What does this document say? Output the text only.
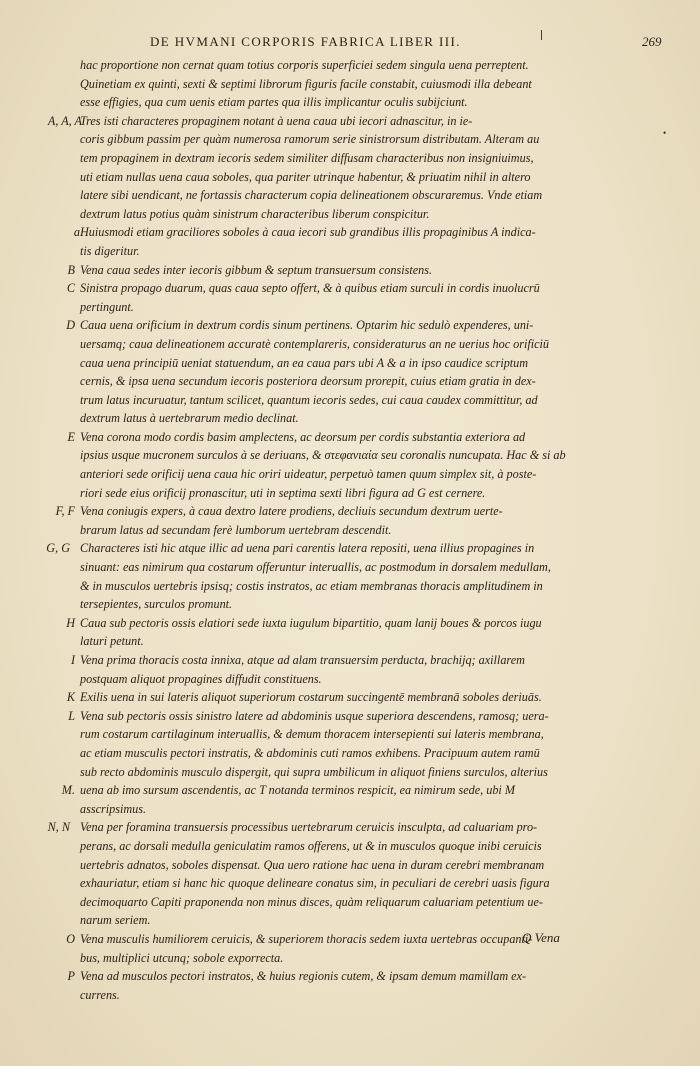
•
DE HVMANI CORPORIS FABRICA LIBER III.	269
hac proportione non cernat quam totius corporis superficiei sedem singula uena perreptent.
Quinetiam ex quinti, sexti & septimi librorum figuris facile constabit, cuiusmodi illa debeant
esse effigies, qua cum uenis etiam partes qua illis implicantur oculis subijciunt.
A, A, A
Tres isti characteres propaginem notant à uena caua ubi iecori adnascitur, in ie-
coris gibbum passim per quàm numerosa ramorum serie sinistrorsum distributam. Alteram au
tem propaginem in dextram iecoris sedem similiter diffusam characteribus non insigniuimus,
uti etiam nullas uena caua soboles, qua pariter utrinque habentur, & priuatim nihil in altero
latere sibi uendicant, ne fortassis characterum copia delineationem obscuraremus. Vnde etiam
dextrum latus potius quàm sinistrum characteribus liberum conspicitur.
a Huiusmodi etiam graciliores soboles à caua iecori sub grandibus illis propaginibus A indica-
tis digeritur.
B Vena caua sedes inter iecoris gibbum & septum transuersum consistens.
C Sinistra propago duarum, quas caua septo offert, & à quibus etiam surculi in cordis inuolucrū
pertingunt.
D Caua uena orificium in dextrum cordis sinum pertinens. Optarim hic sedulò expenderes, uni-
uersamq; caua delineationem accuratè contemplareris, consideraturus an ne uerius hoc orificiū
caua uena principiū ueniat statuendum, an ea caua pars ubi A & a in ipso caudice scriptum
cernis, & ipsa uena secundum iecoris posteriora deorsum prorepit, cuius etiam gratia in dex-
trum latus incuruatur, tantum scilicet, quantum iecoris sedes, cui caua caudex committitur, ad
dextrum latus à uertebrarum medio declinat.
E Vena corona modo cordis basim amplectens, ac deorsum per cordis substantia exteriora ad
ipsius usque mucronem surculos à se deriuans, & στεφανιαία seu coronalis nuncupata. Hac & si ab
anteriori sede orificij uena caua hic oriri uideatur, perpetuò tamen quum simplex sit, à poste-
riori sede eius orificij pronascitur, uti in septima sexti libri figura ad G est cernere.
F, F Vena coniugis expers, à caua dextro latere prodiens, decliuis secundum dextrum uerte-
brarum latus ad secundam ferè lumborum uertebram descendit.
G, G Characteres isti hic atque illic ad uena pari carentis latera repositi, uena illius propagines in
sinuant: eas nimirum qua costarum offeruntur interuallis, ac postmodum in dorsalem medullam,
& in musculos uertebris ipsisq; costis instratos, ac etiam membranas thoracis amplitudinem in
tersepientes, surculos promunt.
H Caua sub pectoris ossis elatiori sede iuxta iugulum bipartitio, quam lanij boues & porcos iugu
laturi petunt.
I Vena prima thoracis costa innixa, atque ad alam transuersim perducta, brachijq; axillarem
postquam aliquot propagines diffudit constituens.
K Exilis uena in sui lateris aliquot superiorum costarum succingentē membranā soboles deriuās.
L Vena sub pectoris ossis sinistro latere ad abdominis usque superiora descendens, ramosq; uera-
rum costarum cartilaginum interuallis, & demum thoracem intersepienti sui lateris membrana,
ac etiam musculis pectori instratis, & abdominis cuti ramos exhibens. Pracipuum autem ramū
sub recto abdominis musculo dispergit, qui supra umbilicum in aliquot finiens surculos, alterius
M. uena ab imo sursum ascendentis, ac T notanda terminos respicit, ea nimirum sede, ubi M
asscripsimus.
N, N Vena per foramina transuersis processibus uertebrarum ceruicis insculpta, ad caluariam pro-
perans, ac dorsali medulla geniculatim ramos offerens, ut & in musculos quoque inibi ceruicis
uertebris adnatos, soboles dispensat. Qua uero ratione hac uena in duram cerebri membranam
exhauriatur, etiam si hanc hic quoque delineare conatus sim, in peculiari de cerebri uasis figura
decimoquarto Capiti praponenda non minus disces, quàm reliquarum caluariam petentium ue-
narum seriem.
O Vena musculis humiliorem ceruicis, & superiorem thoracis sedem iuxta uertebras occupanti-
bus, multiplici utcunq; sobole exporrecta.
P Vena ad musculos pectori instratos, & huius regionis cutem, & ipsam demum mamillam ex-
currens.
Q Vena
